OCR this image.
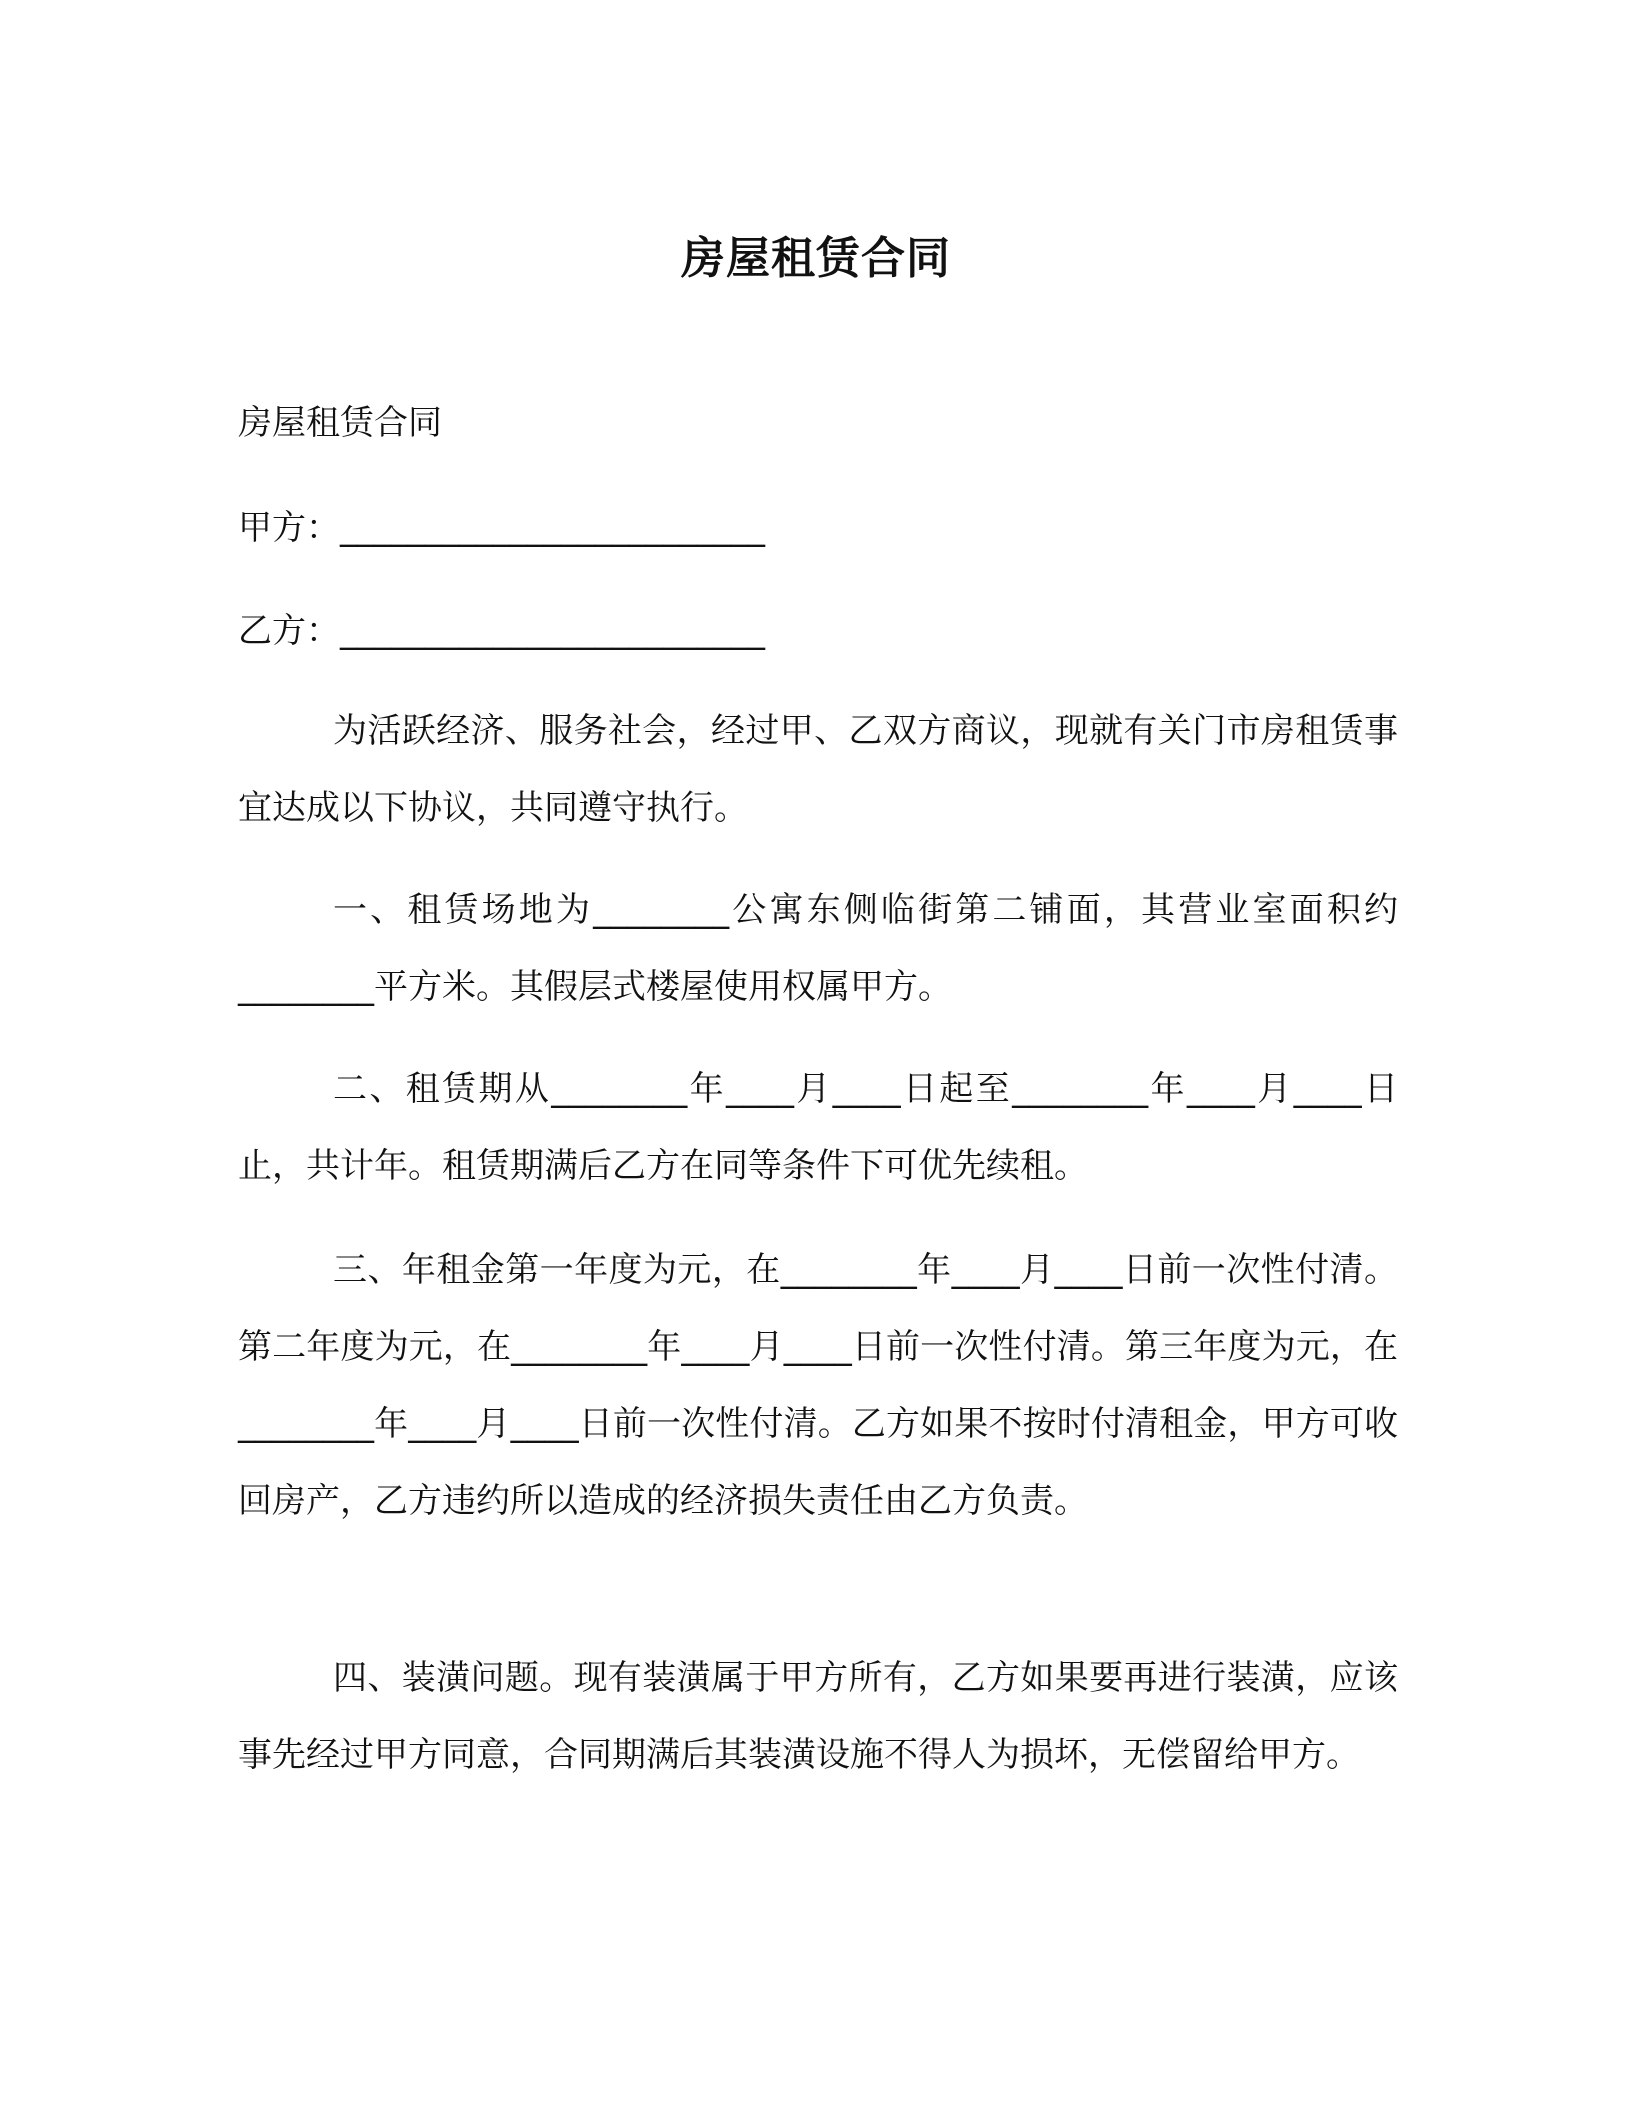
房屋租赁合同
房屋租赁合同
甲方：_________________________
乙方：_________________________

为活跃经济、服务社会，经过甲、乙双方商议，现就有关门市房租赁事宜达成以下协议，共同遵守执行。

一、租赁场地为________公寓东侧临街第二铺面，其营业室面积约________平方米。其假层式楼屋使用权属甲方。

二、租赁期从________年____月____日起至________年____月____日止，共计年。租赁期满后乙方在同等条件下可优先续租。

三、年租金第一年度为元，在________年____月____日前一次性付清。第二年度为元，在________年____月____日前一次性付清。第三年度为元，在________年____月____日前一次性付清。乙方如果不按时付清租金，甲方可收回房产，乙方违约所以造成的经济损失责任由乙方负责。

四、装潢问题。现有装潢属于甲方所有，乙方如果要再进行装潢，应该事先经过甲方同意，合同期满后其装潢设施不得人为损坏，无偿留给甲方。
